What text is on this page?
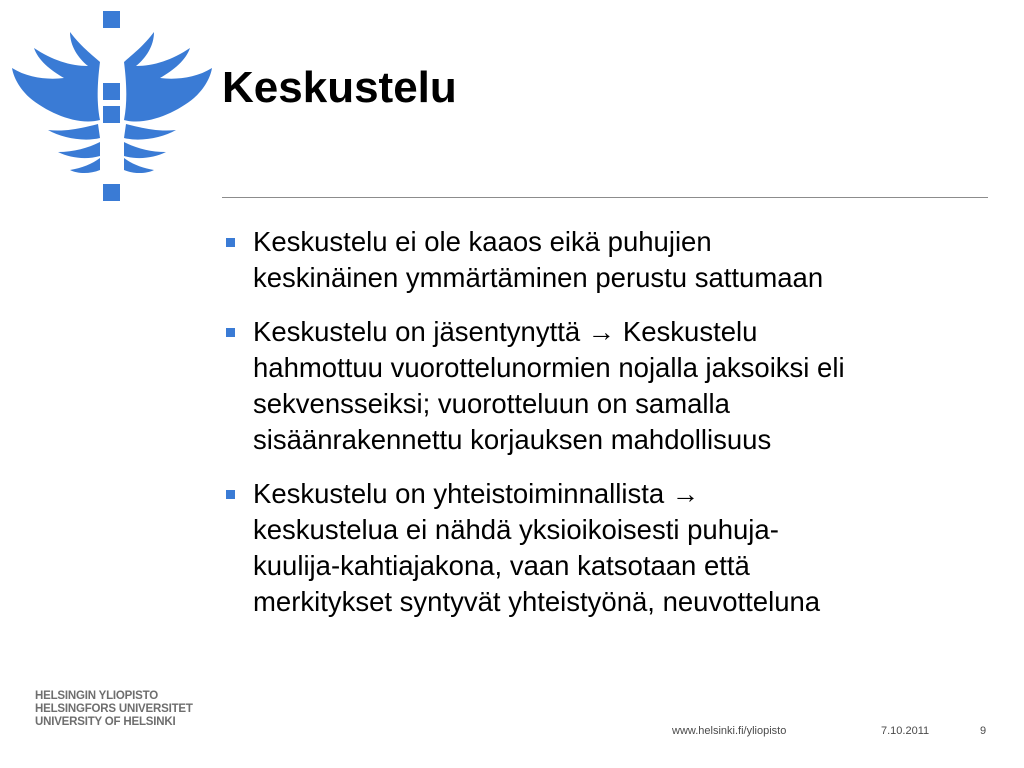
Keskustelu
Keskustelu ei ole kaaos eikä puhujien
keskinäinen ymmärtäminen perustu sattumaan
Keskustelu on jäsentynyttä → Keskustelu
hahmottuu vuorottelunormien nojalla jaksoiksi eli
sekvensseiksi; vuorotteluun on samalla
sisäänrakennettu korjauksen mahdollisuus
Keskustelu on yhteistoiminnallista →
keskustelua ei nähdä yksioikoisesti puhuja-
kuulija-kahtiajakona, vaan katsotaan että
merkitykset syntyvät yhteistyönä, neuvotteluna
HELSINGIN YLIOPISTO
HELSINGFORS UNIVERSITET
UNIVERSITY OF HELSINKI
www.helsinki.fi/yliopisto	7.10.2011	9
